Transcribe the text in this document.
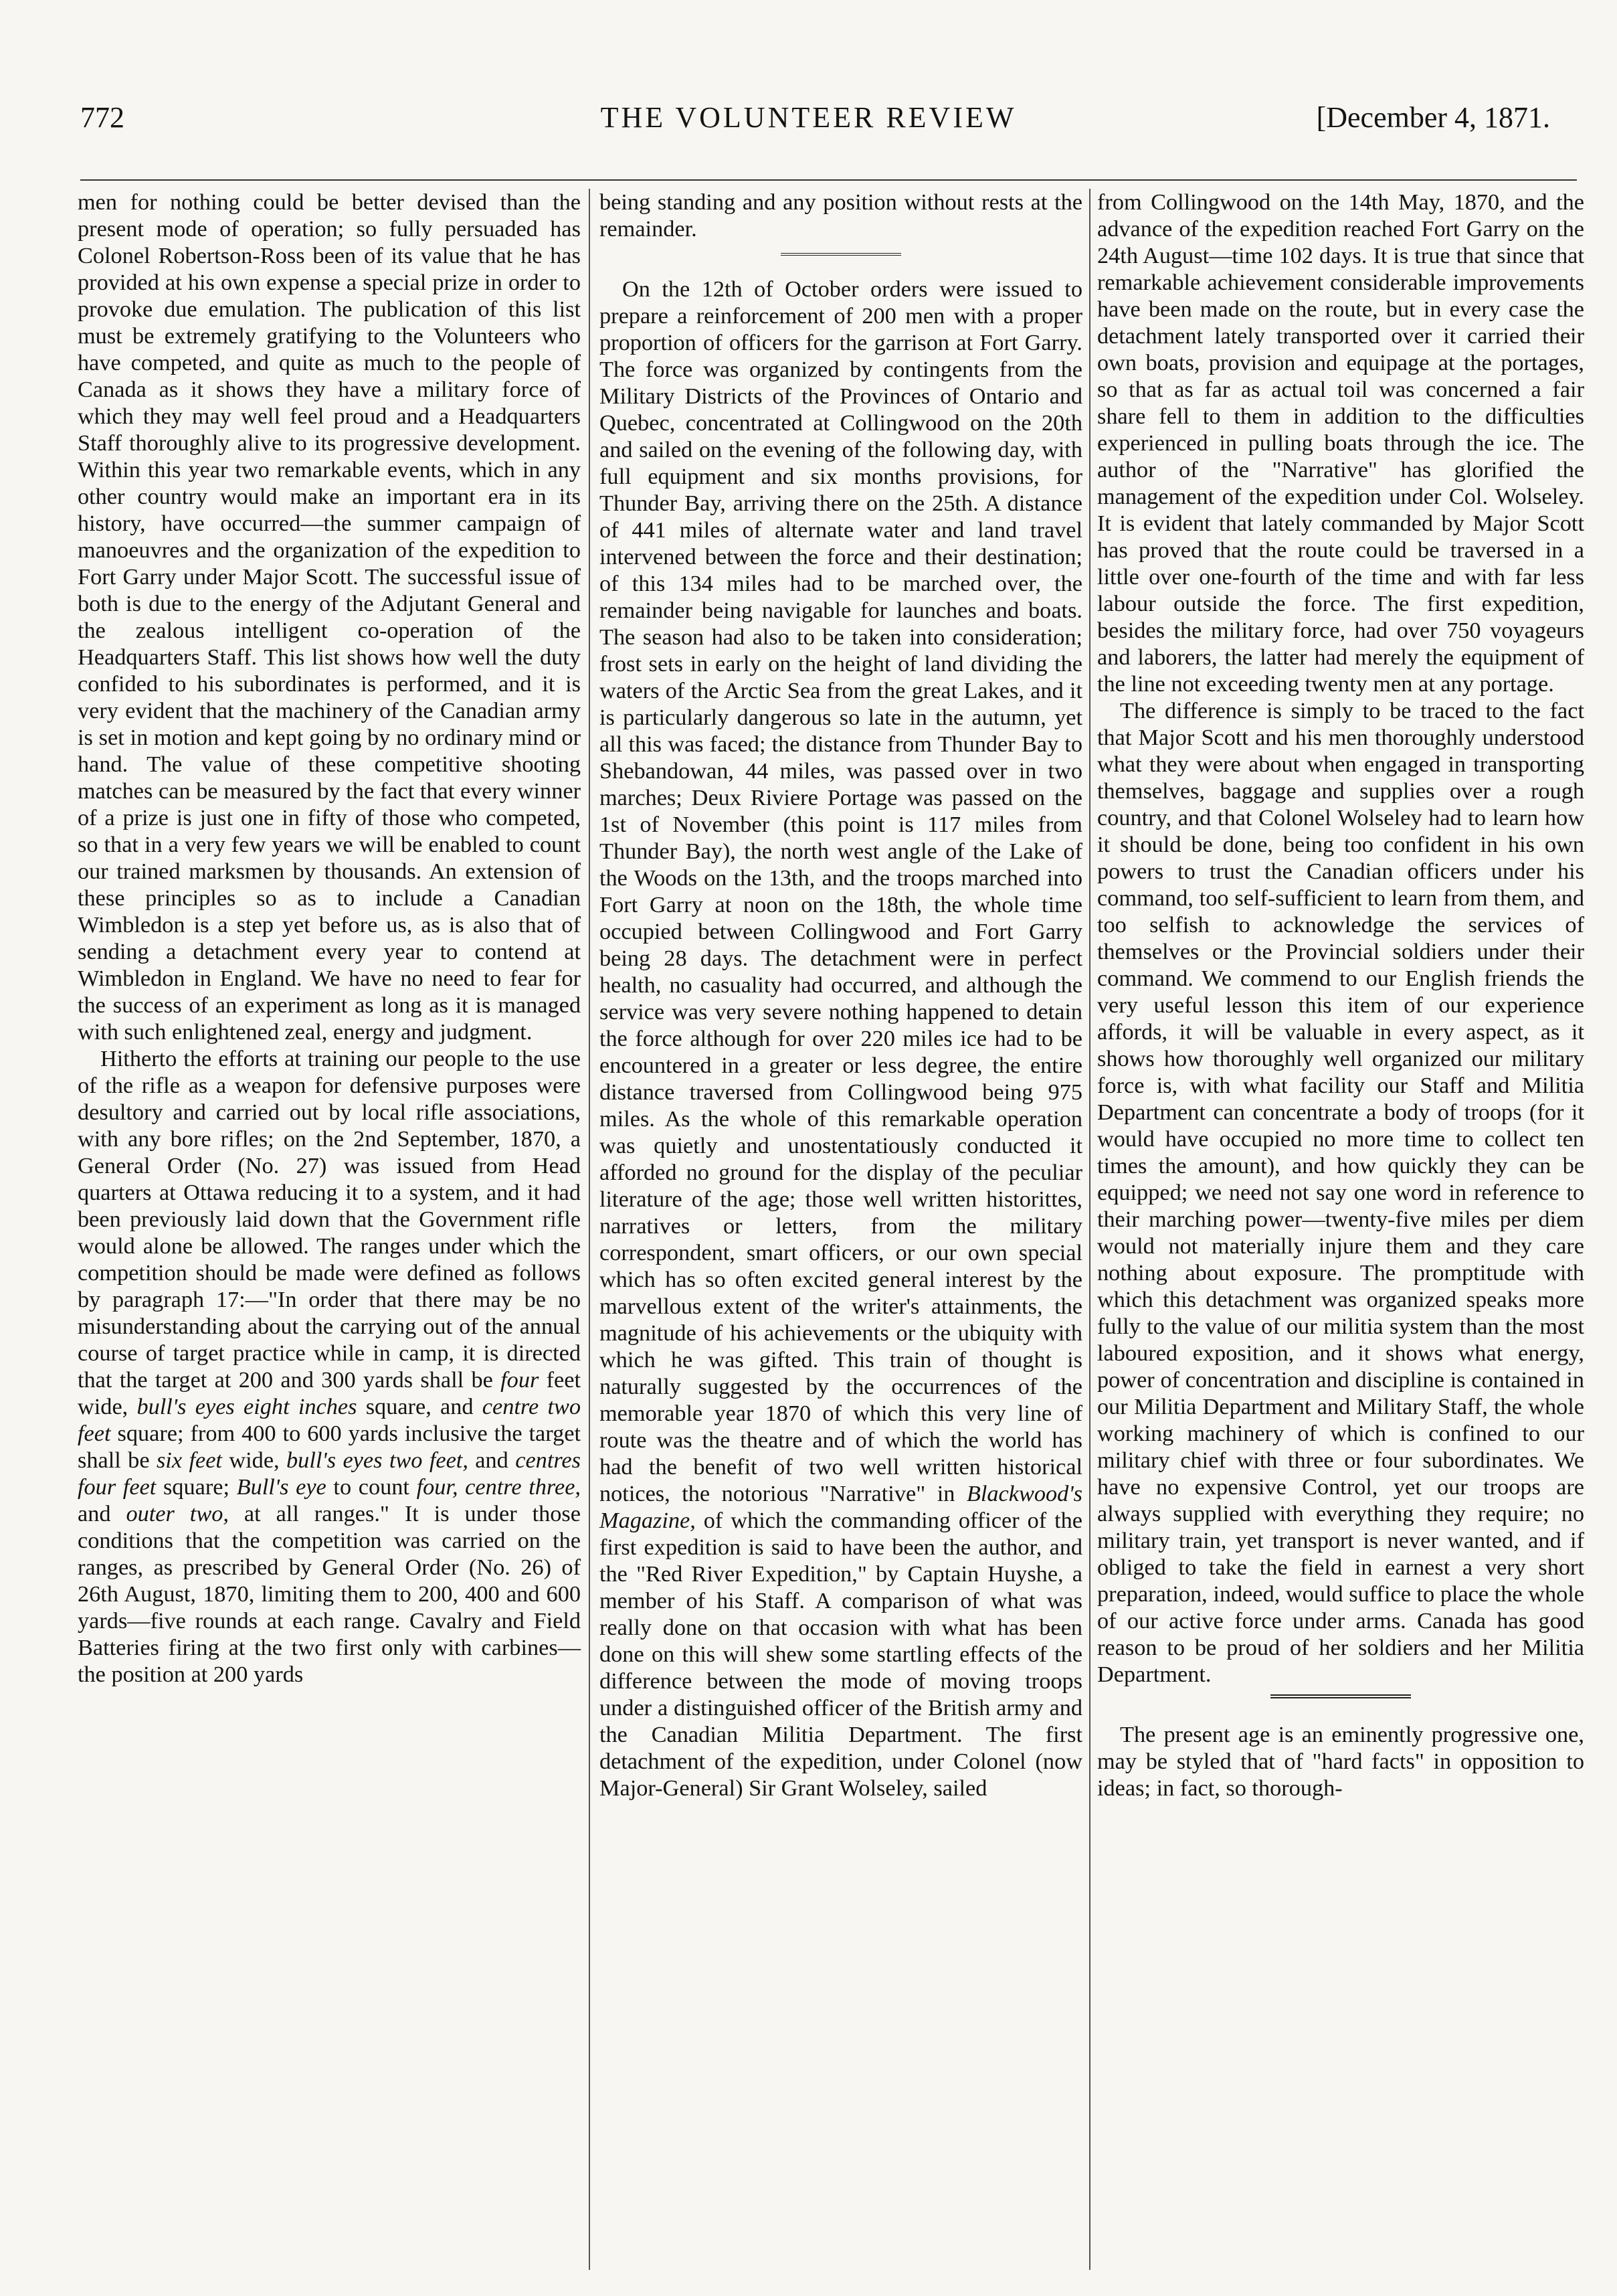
772	THE VOLUNTEER REVIEW	[December 4, 1871.

men for nothing could be better devised than the present mode of operation; so fully persuaded has Colonel Robertson-Ross been of its value that he has provided at his own expense a special prize in order to provoke due emulation. The publication of this list must be extremely gratifying to the Volunteers who have competed, and quite as much to the people of Canada as it shows they have a military force of which they may well feel proud and a Headquarters Staff thoroughly alive to its progressive development. Within this year two remarkable events, which in any other country would make an important era in its history, have occurred—the summer campaign of manoeuvres and the organization of the expedition to Fort Garry under Major Scott. The successful issue of both is due to the energy of the Adjutant General and the zealous intelligent co-operation of the Headquarters Staff. This list shows how well the duty confided to his subordinates is performed, and it is very evident that the machinery of the Canadian army is set in motion and kept going by no ordinary mind or hand. The value of these competitive shooting matches can be measured by the fact that every winner of a prize is just one in fifty of those who competed, so that in a very few years we will be enabled to count our trained marksmen by thousands. An extension of these principles so as to include a Canadian Wimbledon is a step yet before us, as is also that of sending a detachment every year to contend at Wimbledon in England. We have no need to fear for the success of an experiment as long as it is managed with such enlightened zeal, energy and judgment.

Hitherto the efforts at training our people to the use of the rifle as a weapon for defensive purposes were desultory and carried out by local rifle associations, with any bore rifles; on the 2nd September, 1870, a General Order (No. 27) was issued from Head quarters at Ottawa reducing it to a system, and it had been previously laid down that the Government rifle would alone be allowed. The ranges under which the competition should be made were defined as follows by paragraph 17:—"In order that there may be no misunderstanding about the carrying out of the annual course of target practice while in camp, it is directed that the target at 200 and 300 yards shall be four feet wide, bull's eyes eight inches square, and centre two feet square; from 400 to 600 yards inclusive the target shall be six feet wide, bull's eyes two feet, and centres four feet square; Bull's eye to count four, centre three, and outer two, at all ranges." It is under those conditions that the competition was carried on the ranges, as prescribed by General Order (No. 26) of 26th August, 1870, limiting them to 200, 400 and 600 yards—five rounds at each range. Cavalry and Field Batteries firing at the two first only with carbines—the position at 200 yards

being standing and any position without rests at the remainder.

On the 12th of October orders were issued to prepare a reinforcement of 200 men with a proper proportion of officers for the garrison at Fort Garry. The force was organized by contingents from the Military Districts of the Provinces of Ontario and Quebec, concentrated at Collingwood on the 20th and sailed on the evening of the following day, with full equipment and six months provisions, for Thunder Bay, arriving there on the 25th. A distance of 441 miles of alternate water and land travel intervened between the force and their destination; of this 134 miles had to be marched over, the remainder being navigable for launches and boats. The season had also to be taken into consideration; frost sets in early on the height of land dividing the waters of the Arctic Sea from the great Lakes, and it is particularly dangerous so late in the autumn, yet all this was faced; the distance from Thunder Bay to Shebandowan, 44 miles, was passed over in two marches; Deux Riviere Portage was passed on the 1st of November (this point is 117 miles from Thunder Bay), the north west angle of the Lake of the Woods on the 13th, and the troops marched into Fort Garry at noon on the 18th, the whole time occupied between Collingwood and Fort Garry being 28 days. The detachment were in perfect health, no casuality had occurred, and although the service was very severe nothing happened to detain the force although for over 220 miles ice had to be encountered in a greater or less degree, the entire distance traversed from Collingwood being 975 miles. As the whole of this remarkable operation was quietly and unostentatiously conducted it afforded no ground for the display of the peculiar literature of the age; those well written historittes, narratives or letters, from the military correspondent, smart officers, or our own special which has so often excited general interest by the marvellous extent of the writer's attainments, the magnitude of his achievements or the ubiquity with which he was gifted. This train of thought is naturally suggested by the occurrences of the memorable year 1870 of which this very line of route was the theatre and of which the world has had the benefit of two well written historical notices, the notorious "Narrative" in Blackwood's Magazine, of which the commanding officer of the first expedition is said to have been the author, and the "Red River Expedition," by Captain Huyshe, a member of his Staff. A comparison of what was really done on that occasion with what has been done on this will shew some startling effects of the difference between the mode of moving troops under a distinguished officer of the British army and the Canadian Militia Department. The first detachment of the expedition, under Colonel (now Major-General) Sir Grant Wolseley, sailed

from Collingwood on the 14th May, 1870, and the advance of the expedition reached Fort Garry on the 24th August—time 102 days. It is true that since that remarkable achievement considerable improvements have been made on the route, but in every case the detachment lately transported over it carried their own boats, provision and equipage at the portages, so that as far as actual toil was concerned a fair share fell to them in addition to the difficulties experienced in pulling boats through the ice. The author of the "Narrative" has glorified the management of the expedition under Col. Wolseley. It is evident that lately commanded by Major Scott has proved that the route could be traversed in a little over one-fourth of the time and with far less labour outside the force. The first expedition, besides the military force, had over 750 voyageurs and laborers, the latter had merely the equipment of the line not exceeding twenty men at any portage.

The difference is simply to be traced to the fact that Major Scott and his men thoroughly understood what they were about when engaged in transporting themselves, baggage and supplies over a rough country, and that Colonel Wolseley had to learn how it should be done, being too confident in his own powers to trust the Canadian officers under his command, too self-sufficient to learn from them, and too selfish to acknowledge the services of themselves or the Provincial soldiers under their command. We commend to our English friends the very useful lesson this item of our experience affords, it will be valuable in every aspect, as it shows how thoroughly well organized our military force is, with what facility our Staff and Militia Department can concentrate a body of troops (for it would have occupied no more time to collect ten times the amount), and how quickly they can be equipped; we need not say one word in reference to their marching power—twenty-five miles per diem would not materially injure them and they care nothing about exposure. The promptitude with which this detachment was organized speaks more fully to the value of our militia system than the most laboured exposition, and it shows what energy, power of concentration and discipline is contained in our Militia Department and Military Staff, the whole working machinery of which is confined to our military chief with three or four subordinates. We have no expensive Control, yet our troops are always supplied with everything they require; no military train, yet transport is never wanted, and if obliged to take the field in earnest a very short preparation, indeed, would suffice to place the whole of our active force under arms. Canada has good reason to be proud of her soldiers and her Militia Department.

The present age is an eminently progressive one, may be styled that of "hard facts" in opposition to ideas; in fact, so thorough-
